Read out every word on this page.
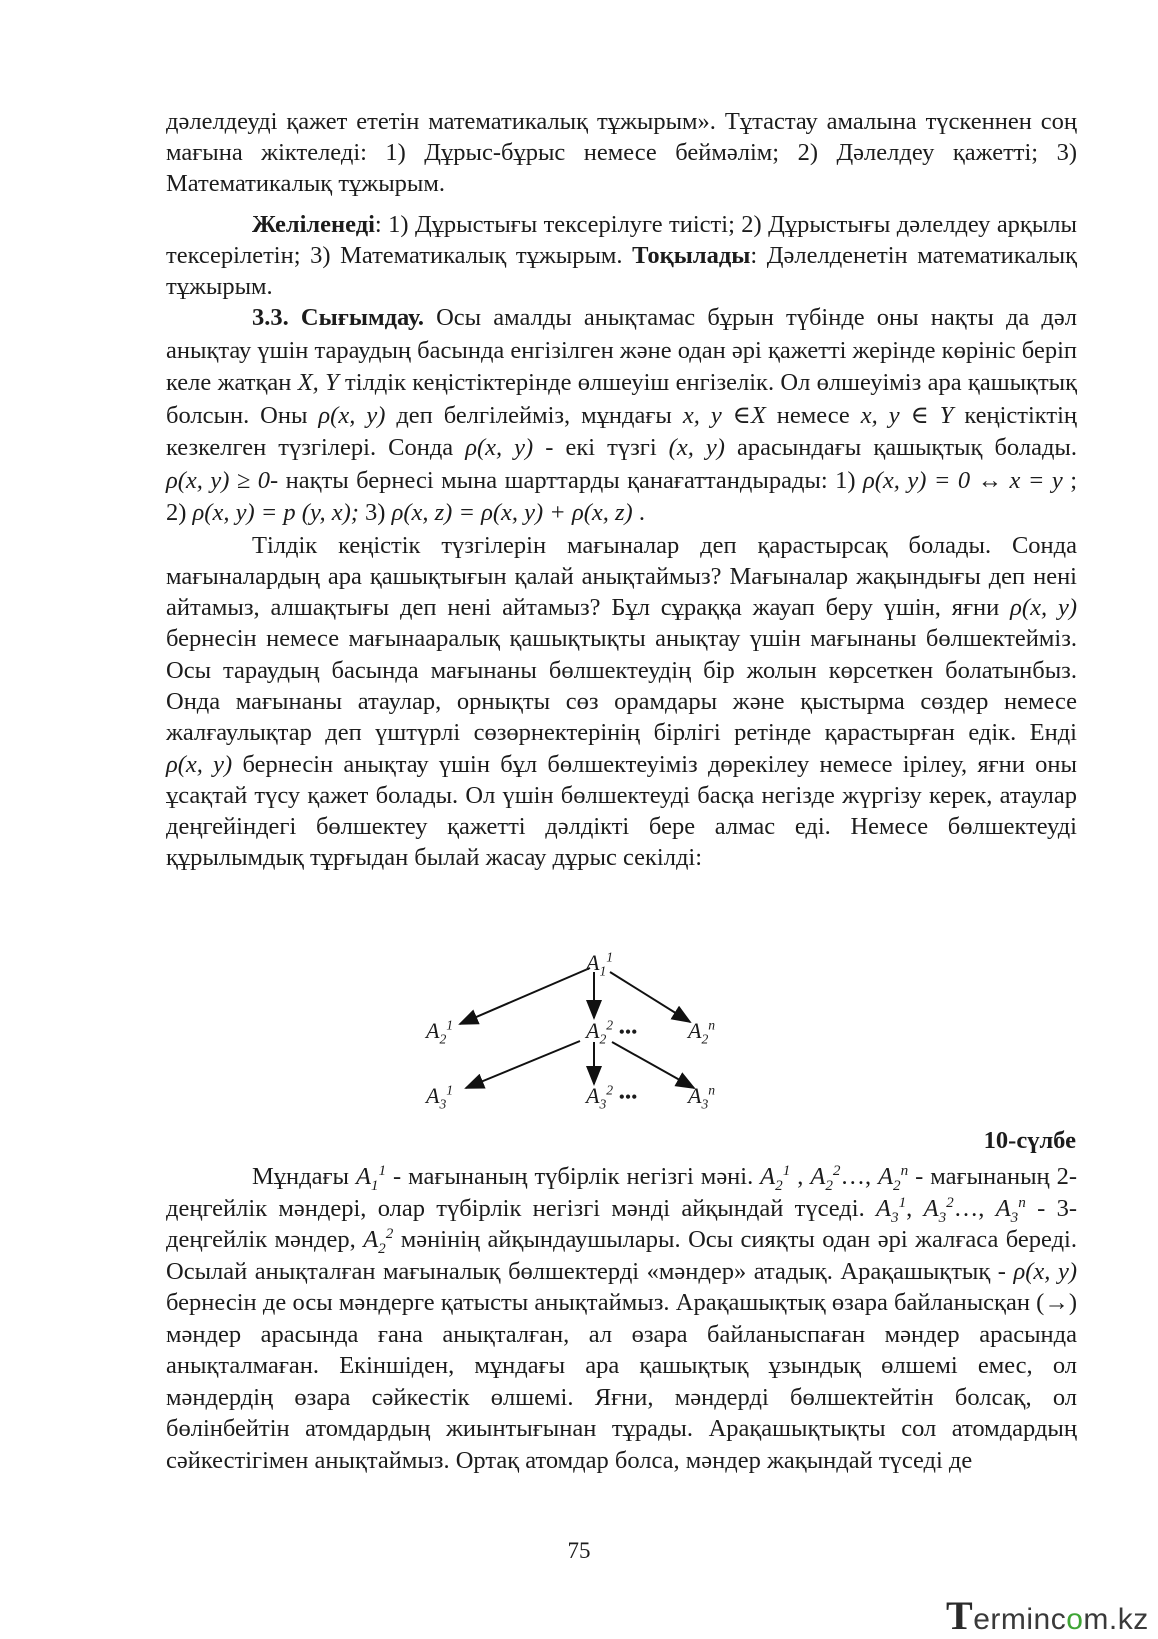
дәлелдеуді қажет ететін математикалық тұжырым». Тұтастау амалына түскеннен соң мағына жіктеледі: 1) Дұрыс-бұрыс немесе беймәлім; 2) Дәлелдеу қажетті; 3) Математикалық тұжырым.

Желіленеді: 1) Дұрыстығы тексерілуге тиісті; 2) Дұрыстығы дәлелдеу арқылы тексерілетін; 3) Математикалық тұжырым. Тоқылады: Дәлелденетін математикалық тұжырым.

3.3. Сығымдау. Осы амалды анықтамас бұрын түбінде оны нақты да дәл анықтау үшін тараудың басында енгізілген және одан әрі қажетті жерінде көрініс беріп келе жатқан X, Y тілдік кеңістіктерінде өлшеуіш енгізелік. Ол өлшеуіміз ара қашықтық болсын. Оны ρ(x, y) деп белгілейміз, мұндағы x, y ∈X немесе x, y ∈ Y кеңістіктің кезкелген түзгілері. Сонда ρ(x, y) - екі түзгі (x, y) арасындағы қашықтық болады. ρ(x, y) ≥ 0- нақты бернесі мына шарттарды қанағаттандырады: 1) ρ(x, y) = 0 ↔ x = y ; 2) ρ(x, y) = p (y, x); 3) ρ(x, z) = ρ(x, y) + ρ(x, z) .

Тілдік кеңістік түзгілерін мағыналар деп қарастырсақ болады. Сонда мағыналардың ара қашықтығын қалай анықтаймыз? Мағыналар жақындығы деп нені айтамыз, алшақтығы деп нені айтамыз? Бұл сұраққа жауап беру үшін, яғни ρ(x, y) бернесін немесе мағынааралық қашықтықты анықтау үшін мағынаны бөлшектейміз. Осы тараудың басында мағынаны бөлшектеудің бір жолын көрсеткен болатынбыз. Онда мағынаны атаулар, орнықты сөз орамдары және қыстырма сөздер немесе жалғаулықтар деп үштүрлі сөзөрнектерінің бірлігі ретінде қарастырған едік. Енді ρ(x, y) бернесін анықтау үшін бұл бөлшектеуіміз дөрекілеу немесе ірілеу, яғни оны ұсақтай түсу қажет болады. Ол үшін бөлшектеуді басқа негізде жүргізу керек, атаулар деңгейіндегі бөлшектеу қажетті дәлдікті бере алмас еді. Немесе бөлшектеуді құрылымдық тұрғыдан былай жасау дұрыс секілді:

$A_1^1$
$A_2^1$	$A_2^2$ ••• $A_2^n$
$A_3^1$	$A_3^2$ ••• $A_3^n$
10-сүлбе

Мұндағы $A_1^1$ - мағынаның түбірлік негізгі мәні. $A_2^1$ , $A_2^2\dots$, $A_2^n$ - мағынаның 2-деңгейлік мәндері, олар түбірлік негізгі мәнді айқындай түседі. $A_3^1$, $A_3^2\dots$, $A_3^n$ - 3-деңгейлік мәндер, $A_2^2$ мәнінің айқындаушылары. Осы сияқты одан әрі жалғаса береді. Осылай анықталған мағыналық бөлшектерді «мәндер» атадық. Арақашықтық - ρ(x, y) бернесін де осы мәндерге қатысты анықтаймыз. Арақашықтық өзара байланысқан (→) мәндер арасында ғана анықталған, ал өзара байланыспаған мәндер арасында анықталмаған. Екіншіден, мұндағы ара қашықтық ұзындық өлшемі емес, ол мәндердің өзара сәйкестік өлшемі. Яғни, мәндерді бөлшектейтін болсақ, ол бөлінбейтін атомдардың жиынтығынан тұрады. Арақашықтықты сол атомдардың сәйкестігімен анықтаймыз. Ортақ атомдар болса, мәндер жақындай түседі де

75
Termincom.kz
